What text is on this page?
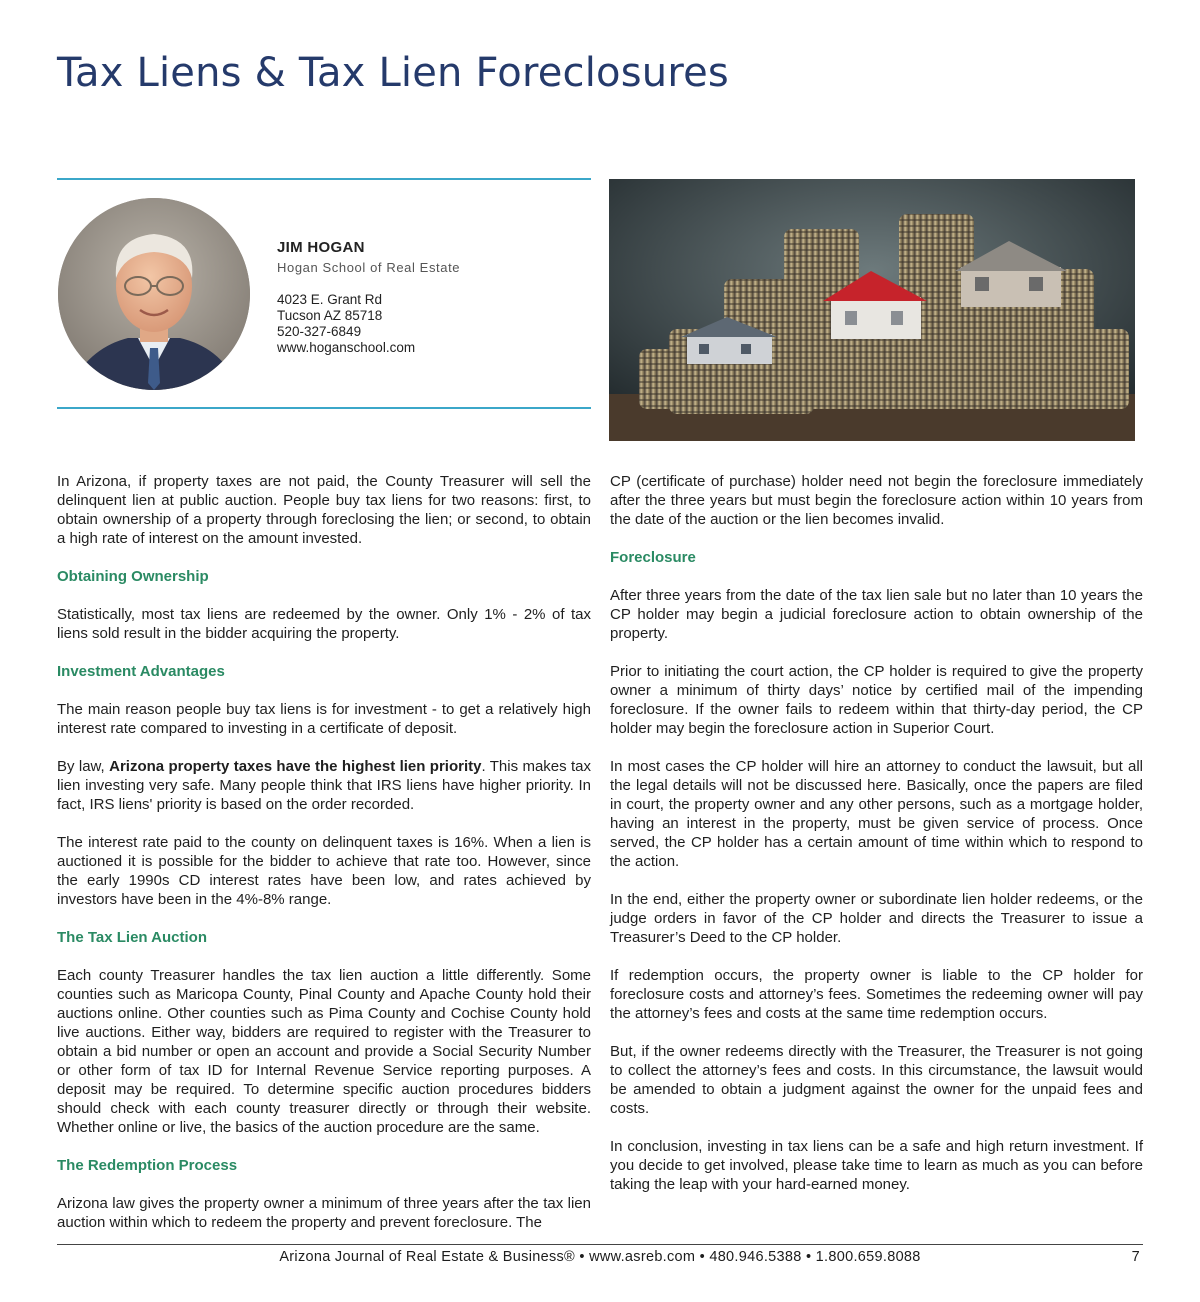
Tax Liens & Tax Lien Foreclosures
JIM HOGAN
Hogan School of Real Estate
4023 E. Grant Rd
Tucson AZ 85718
520-327-6849
www.hoganschool.com

In Arizona, if property taxes are not paid, the County Treasurer will sell the delinquent lien at public auction. People buy tax liens for two reasons: first, to obtain ownership of a property through foreclosing the lien; or second, to obtain a high rate of interest on the amount invested.

Obtaining Ownership

Statistically, most tax liens are redeemed by the owner. Only 1% - 2% of tax liens sold result in the bidder acquiring the property.

Investment Advantages

The main reason people buy tax liens is for investment - to get a relatively high interest rate compared to investing in a certificate of deposit.

By law, Arizona property taxes have the highest lien priority. This makes tax lien investing very safe. Many people think that IRS liens have higher priority. In fact, IRS liens' priority is based on the order recorded.

The interest rate paid to the county on delinquent taxes is 16%. When a lien is auctioned it is possible for the bidder to achieve that rate too. However, since the early 1990s CD interest rates have been low, and rates achieved by investors have been in the 4%-8% range.

The Tax Lien Auction

Each county Treasurer handles the tax lien auction a little differently. Some counties such as Maricopa County, Pinal County and Apache County hold their auctions online. Other counties such as Pima County and Cochise County hold live auctions. Either way, bidders are required to register with the Treasurer to obtain a bid number or open an account and provide a Social Security Number or other form of tax ID for Internal Revenue Service reporting purposes. A deposit may be required. To determine specific auction procedures bidders should check with each county treasurer directly or through their website. Whether online or live, the basics of the auction procedure are the same.

The Redemption Process

Arizona law gives the property owner a minimum of three years after the tax lien auction within which to redeem the property and prevent foreclosure. The

CP (certificate of purchase) holder need not begin the foreclosure immediately after the three years but must begin the foreclosure action within 10 years from the date of the auction or the lien becomes invalid.

Foreclosure

After three years from the date of the tax lien sale but no later than 10 years the CP holder may begin a judicial foreclosure action to obtain ownership of the property.

Prior to initiating the court action, the CP holder is required to give the property owner a minimum of thirty days’ notice by certified mail of the impending foreclosure. If the owner fails to redeem within that thirty-day period, the CP holder may begin the foreclosure action in Superior Court.

In most cases the CP holder will hire an attorney to conduct the lawsuit, but all the legal details will not be discussed here. Basically, once the papers are filed in court, the property owner and any other persons, such as a mortgage holder, having an interest in the property, must be given service of process. Once served, the CP holder has a certain amount of time within which to respond to the action.

In the end, either the property owner or subordinate lien holder redeems, or the judge orders in favor of the CP holder and directs the Treasurer to issue a Treasurer’s Deed to the CP holder.

If redemption occurs, the property owner is liable to the CP holder for foreclosure costs and attorney’s fees. Sometimes the redeeming owner will pay the attorney’s fees and costs at the same time redemption occurs.

But, if the owner redeems directly with the Treasurer, the Treasurer is not going to collect the attorney’s fees and costs. In this circumstance, the lawsuit would be amended to obtain a judgment against the owner for the unpaid fees and costs.

In conclusion, investing in tax liens can be a safe and high return investment. If you decide to get involved, please take time to learn as much as you can before taking the leap with your hard-earned money.

Arizona Journal of Real Estate & Business® • www.asreb.com • 480.946.5388 • 1.800.659.8088	7
